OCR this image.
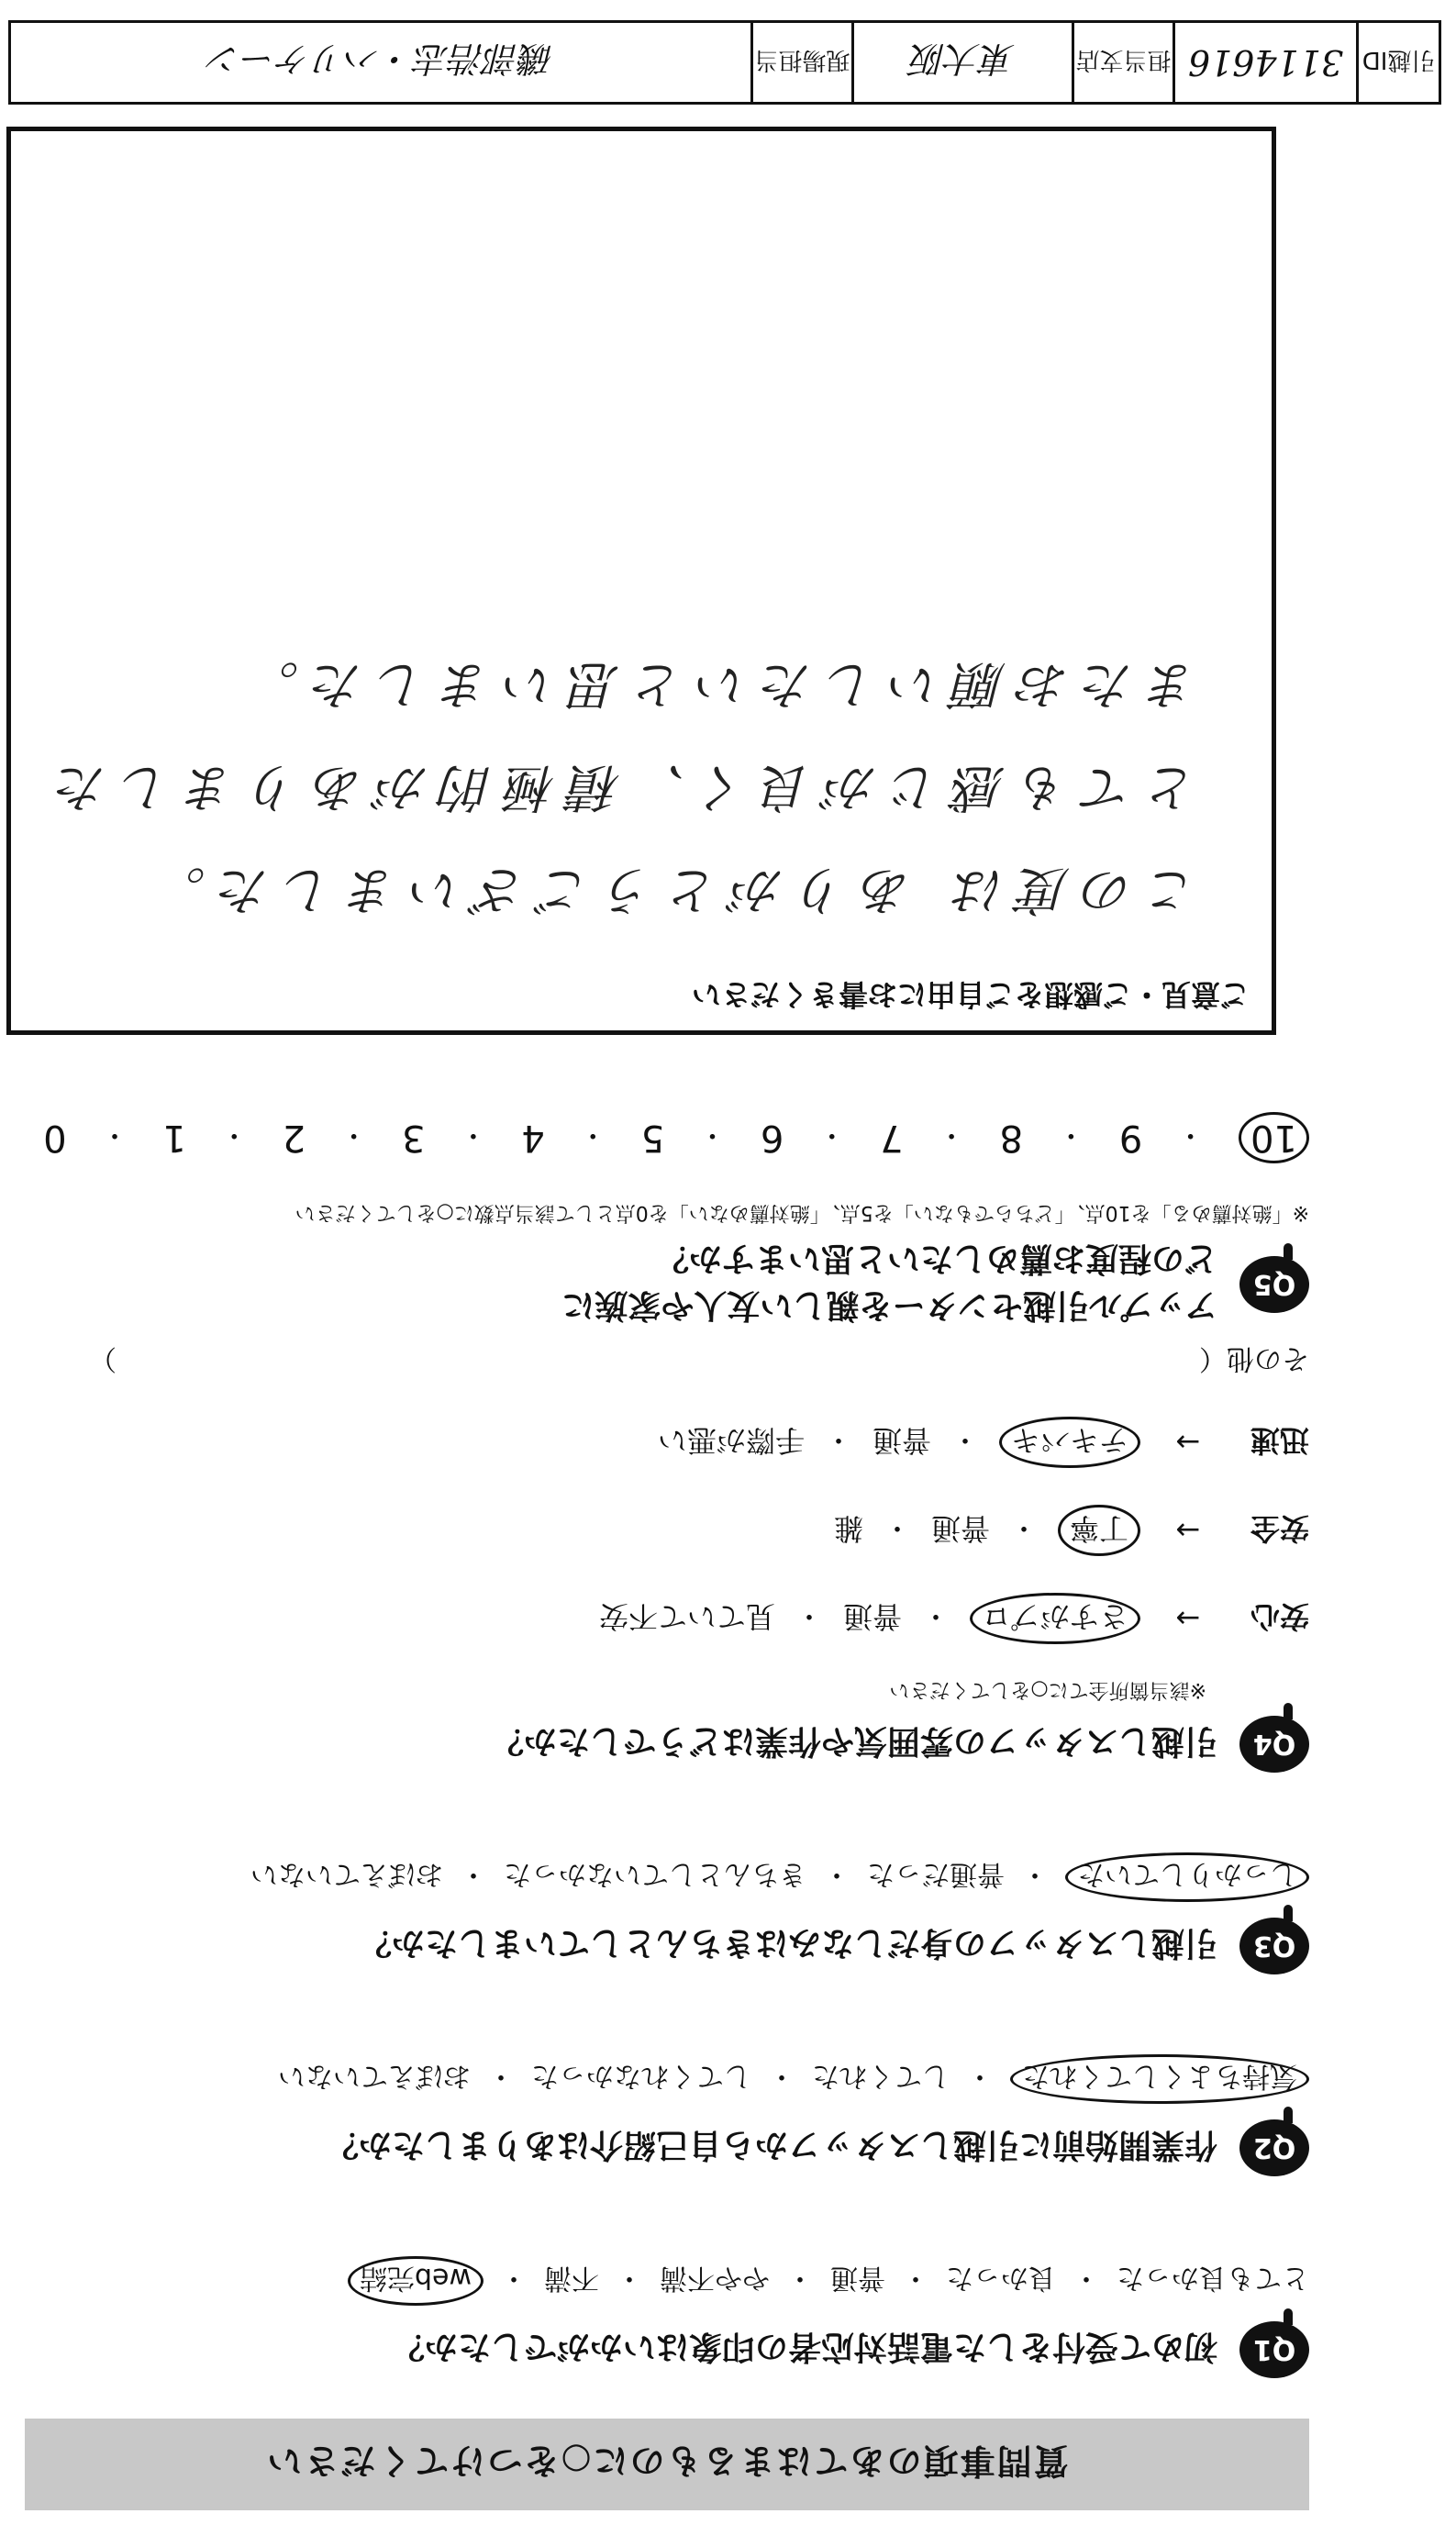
質問事項のあてはまるものに○をつけてください
Q1
初めて受付をした電話対応者の印象はいかがでしたか？
とても良かった
・
良かった
・
普通
・
やや不満
・
不満
・
web完結
Q2
作業開始前に引越しスタッフから自己紹介はありましたか？
気持ちよくしてくれた
・
してくれた
・
してくれなかった
・
おぼえていない
Q3
引越しスタッフの身だしなみはきちんとしていましたか？
しっかりしていた
・
普通だった
・
きちんとしていなかった
・
おぼえていない
Q4
引越しスタッフの雰囲気や作業はどうでしたか？
※該当箇所全てに○をしてください
安心
→
さすがプロ
・
普通
・
見ていて不安
安全
→
丁寧
・
普通
・
雑
迅速
→
テキパキ
・
普通
・
手際が悪い
その他（
）
Q5
アップル引越センターを親しい友人や家族に
どの程度お薦めしたいと思いますか？
※「絶対薦める」を10点、「どちらでもない」を5点、「絶対薦めない」を0点として該当点数に○をしてください
10
・
9
・
8
・
7
・
6
・
5
・
4
・
3
・
2
・
1
・
0
ご意見・ご感想をご自由にお書きください
この度は ありがとうございました。
とても感じが良く、積極的がありました
またお願いしたいと思いました。
引越ID
3114616
担当支店
東大阪
現場担当
磯部浩志・ハリケーン
